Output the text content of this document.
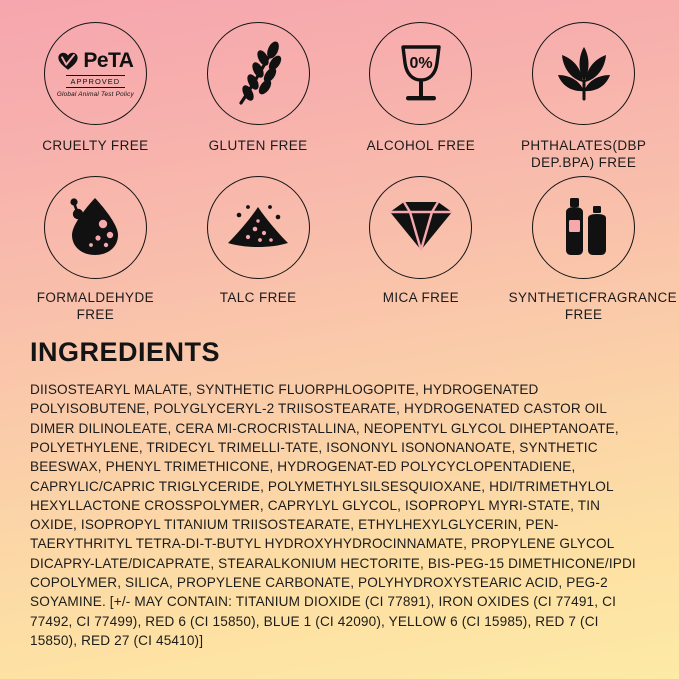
PeTA
APPROVED
Global Animal Test Policy
CRUELTY FREE	GLUTEN FREE
0%
ALCOHOL FREE	PHTHALATES(DBP DEP.BPA) FREE
FORMALDEHYDE FREE
TALC FREE	MICA FREE	SYNTHETICFRAGRANCE FREE
INGREDIENTS
DIISOSTEARYL MALATE, SYNTHETIC FLUORPHLOGOPITE, HYDROGENATED POLYISOBUTENE, POLYGLYCERYL-2 TRIISOSTEARATE, HYDROGENATED CASTOR OIL DIMER DILINOLEATE, CERA MI-CROCRISTALLINA, NEOPENTYL GLYCOL DIHEPTANOATE, POLYETHYLENE, TRIDECYL TRIMELLI-TATE, ISONONYL ISONONANOATE, SYNTHETIC BEESWAX, PHENYL TRIMETHICONE, HYDROGENAT-ED POLYCYCLOPENTADIENE, CAPRYLIC/CAPRIC TRIGLYCERIDE, POLYMETHYLSILSESQUIOXANE, HDI/TRIMETHYLOL HEXYLLACTONE CROSSPOLYMER, CAPRYLYL GLYCOL, ISOPROPYL MYRI-STATE, TIN OXIDE, ISOPROPYL TITANIUM TRIISOSTEARATE, ETHYLHEXYLGLYCERIN, PEN-TAERYTHRITYL TETRA-DI-T-BUTYL HYDROXYHYDROCINNAMATE, PROPYLENE GLYCOL DICAPRY-LATE/DICAPRATE, STEARALKONIUM HECTORITE, BIS-PEG-15 DIMETHICONE/IPDI COPOLYMER, SILICA, PROPYLENE CARBONATE, POLYHYDROXYSTEARIC ACID, PEG-2 SOYAMINE. [+/- MAY CONTAIN: TITANIUM DIOXIDE (CI 77891), IRON OXIDES (CI 77491, CI 77492, CI 77499), RED 6 (CI 15850), BLUE 1 (CI 42090), YELLOW 6 (CI 15985), RED 7 (CI 15850), RED 27 (CI 45410)]
